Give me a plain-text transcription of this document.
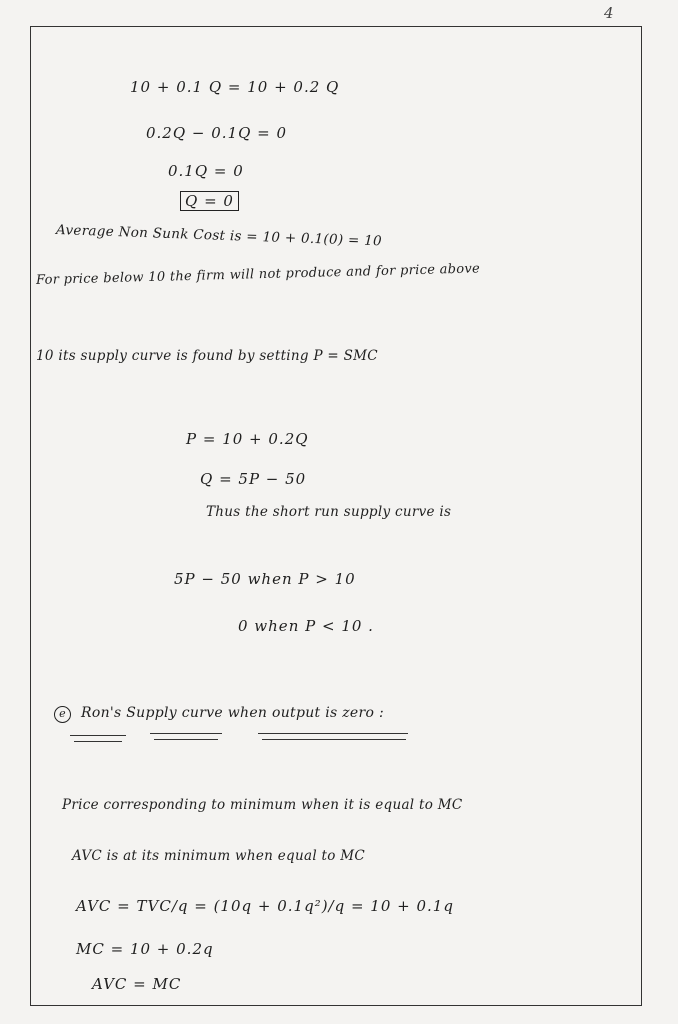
4
10 + 0.1 Q = 10 + 0.2 Q
0.2Q − 0.1Q = 0
0.1Q = 0
Q = 0
Average Non Sunk Cost is = 10 + 0.1(0) = 10
For price below 10 the firm will not produce and for price above
10 its supply curve is found by setting P = SMC
P = 10 + 0.2Q
Q = 5P − 50
Thus the short run supply curve is
5P − 50 when P > 10
0 when P < 10 .
e Ron's Supply curve when output is zero :
Price corresponding to minimum when it is equal to MC
AVC is at its minimum when equal to MC
AVC = TVC/q = (10q + 0.1q²)/q = 10 + 0.1q
MC = 10 + 0.2q
AVC = MC
